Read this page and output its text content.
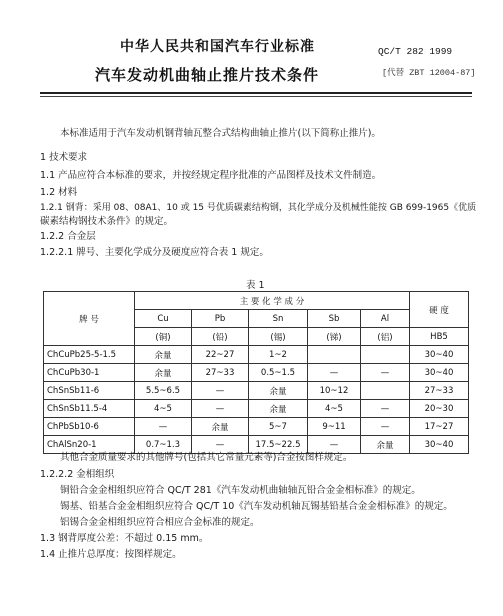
中华人民共和国汽车行业标准	QC/T 282 1999
汽车发动机曲轴止推片技术条件	[代替 ZBT 12004-87]
本标准适用于汽车发动机钢背轴瓦整合式结构曲轴止推片(以下简称止推片)。
1 技术要求
1.1 产品应符合本标准的要求，并按经规定程序批准的产品图样及技术文件制造。
1.2 材料
1.2.1 钢背：采用 08、08A1、10 或 15 号优质碳素结构钢，其化学成分及机械性能按 GB 699-1965《优质
碳素结构钢技术条件》的规定。
1.2.2 合金层
1.2.2.1 牌号、主要化学成分及硬度应符合表 1 规定。
表 1
牌 号	主 要 化 学 成 分					硬 度
	Cu	Pb	Sn	Sb	Al	
	(铜)	(铅)	(锡)	(锑)	(铝)	HB5
ChCuPb25-5-1.5	余量	22~27	1~2			30~40
ChCuPb30-1	余量	27~33	0.5~1.5	—	—	30~40
ChSnSb11-6	5.5~6.5	—	余量	10~12		27~33
ChSnSb11.5-4	4~5	—	余量	4~5	—	20~30
ChPbSb10-6	—	余量	5~7	9~11	—	17~27
ChAlSn20-1	0.7~1.3	—	17.5~22.5	—	余量	30~40
其他合金质量要求的其他牌号(包括其它常量元素等)合金按图样规定。
1.2.2.2 金相组织
铜铅合金金相组织应符合 QC/T 281《汽车发动机曲轴轴瓦铅合金金相标准》的规定。
锡基、铅基合金金相组织应符合 QC/T 10《汽车发动机轴瓦锡基铅基合金金相标准》的规定。
铝锡合金金相组织应符合相应合金标准的规定。
1.3 钢背厚度公差：不超过 0.15 mm。
1.4 止推片总厚度：按图样规定。
